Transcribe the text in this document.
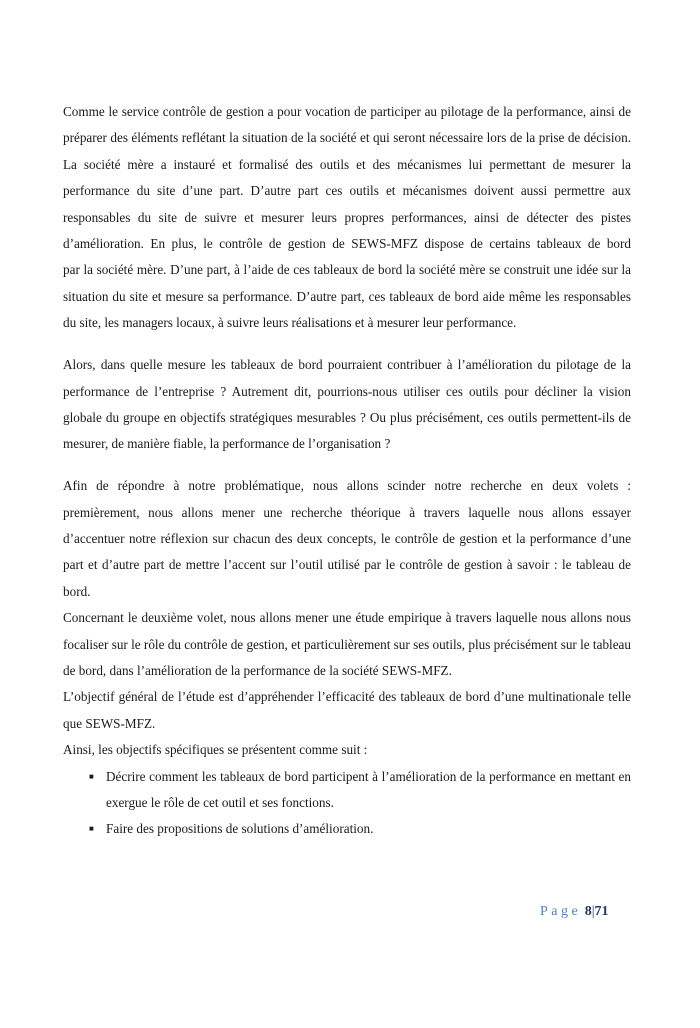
Comme le service contrôle de gestion a pour vocation de participer au pilotage de la performance, ainsi de
préparer des éléments reflétant la situation de la société et qui seront nécessaire lors de la prise de décision.
La société mère a instauré et formalisé des outils et des mécanismes lui permettant de mesurer la
performance du site d’une part. D’autre part ces outils et mécanismes doivent aussi permettre aux
responsables du site de suivre et mesurer leurs propres performances, ainsi de détecter des pistes
d’amélioration. En plus, le contrôle de gestion de SEWS-MFZ dispose de certains tableaux de bord
par la société mère. D’une part, à l’aide de ces tableaux de bord la société mère se construit une idée sur la
situation du site et mesure sa performance. D’autre part, ces tableaux de bord aide même les responsables
du site, les managers locaux, à suivre leurs réalisations et à mesurer leur performance.
Alors, dans quelle mesure les tableaux de bord pourraient contribuer à l’amélioration du pilotage de la
performance de l’entreprise ? Autrement dit, pourrions-nous utiliser ces outils pour décliner la vision
globale du groupe en objectifs stratégiques mesurables ? Ou plus précisément, ces outils permettent-ils de
mesurer, de manière fiable, la performance de l’organisation ?
Afin de répondre à notre problématique, nous allons scinder notre recherche en deux volets :
premièrement, nous allons mener une recherche théorique à travers laquelle nous allons essayer
d’accentuer notre réflexion sur chacun des deux concepts, le contrôle de gestion et la performance d’une
part et d’autre part de mettre l’accent sur l’outil utilisé par le contrôle de gestion à savoir : le tableau de
bord.
Concernant le deuxième volet, nous allons mener une étude empirique à travers laquelle nous allons nous
focaliser sur le rôle du contrôle de gestion, et particulièrement sur ses outils, plus précisément sur le tableau
de bord, dans l’amélioration de la performance de la société SEWS-MFZ.
L’objectif général de l’étude est d’appréhender l’efficacité des tableaux de bord d’une multinationale telle
que SEWS-MFZ.
Ainsi, les objectifs spécifiques se présentent comme suit :
■ Décrire comment les tableaux de bord participent à l’amélioration de la performance en mettant en
exergue le rôle de cet outil et ses fonctions.
■ Faire des propositions de solutions d’amélioration.
Page 8|71
